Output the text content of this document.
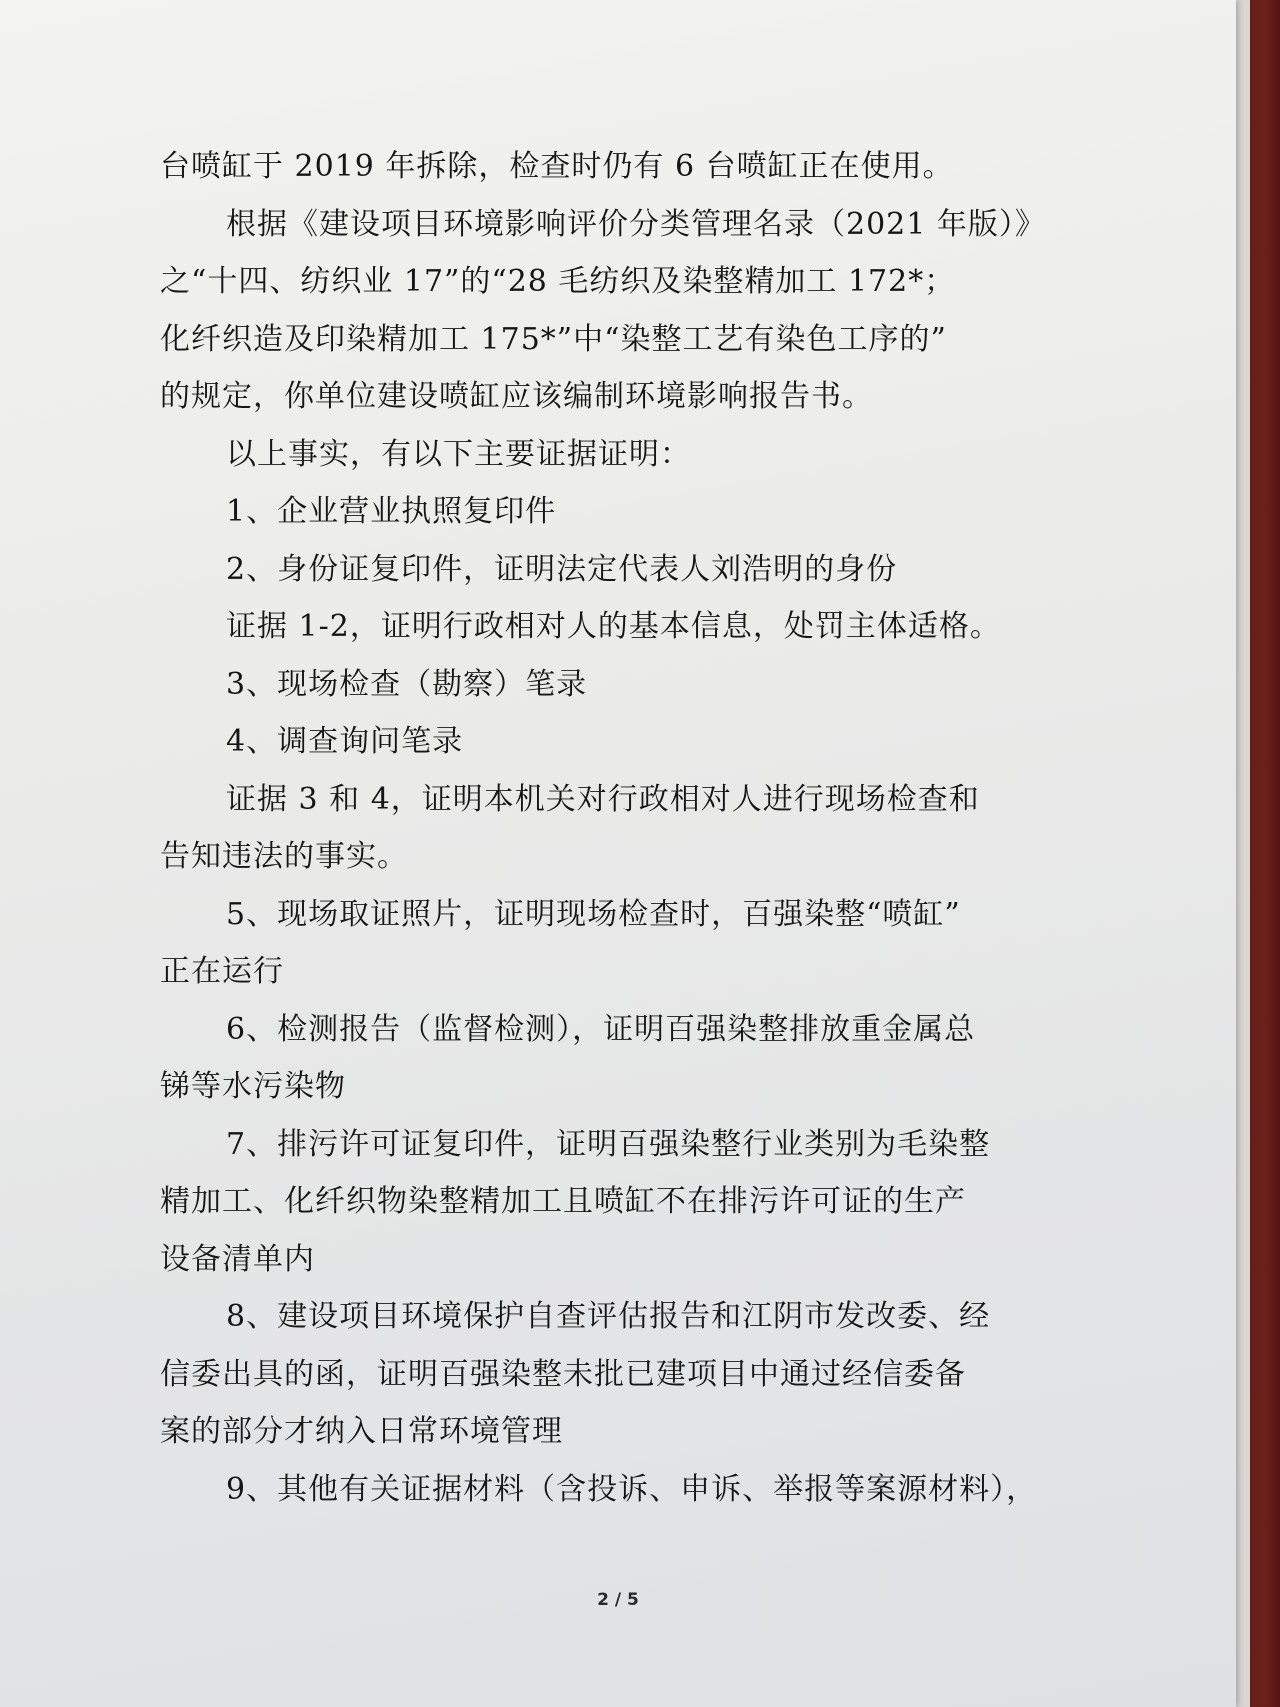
台喷缸于 2019 年拆除，检查时仍有 6 台喷缸正在使用。
根据《建设项目环境影响评价分类管理名录（2021 年版）》
之“十四、纺织业 17”的“28 毛纺织及染整精加工 172*；
化纤织造及印染精加工 175*”中“染整工艺有染色工序的”
的规定，你单位建设喷缸应该编制环境影响报告书。
以上事实，有以下主要证据证明：
1、企业营业执照复印件
2、身份证复印件，证明法定代表人刘浩明的身份
证据 1-2，证明行政相对人的基本信息，处罚主体适格。
3、现场检查（勘察）笔录
4、调查询问笔录
证据 3 和 4，证明本机关对行政相对人进行现场检查和
告知违法的事实。
5、现场取证照片，证明现场检查时，百强染整“喷缸”
正在运行
6、检测报告（监督检测），证明百强染整排放重金属总
锑等水污染物
7、排污许可证复印件，证明百强染整行业类别为毛染整
精加工、化纤织物染整精加工且喷缸不在排污许可证的生产
设备清单内
8、建设项目环境保护自查评估报告和江阴市发改委、经
信委出具的函，证明百强染整未批已建项目中通过经信委备
案的部分才纳入日常环境管理
9、其他有关证据材料（含投诉、申诉、举报等案源材料），
2 / 5
